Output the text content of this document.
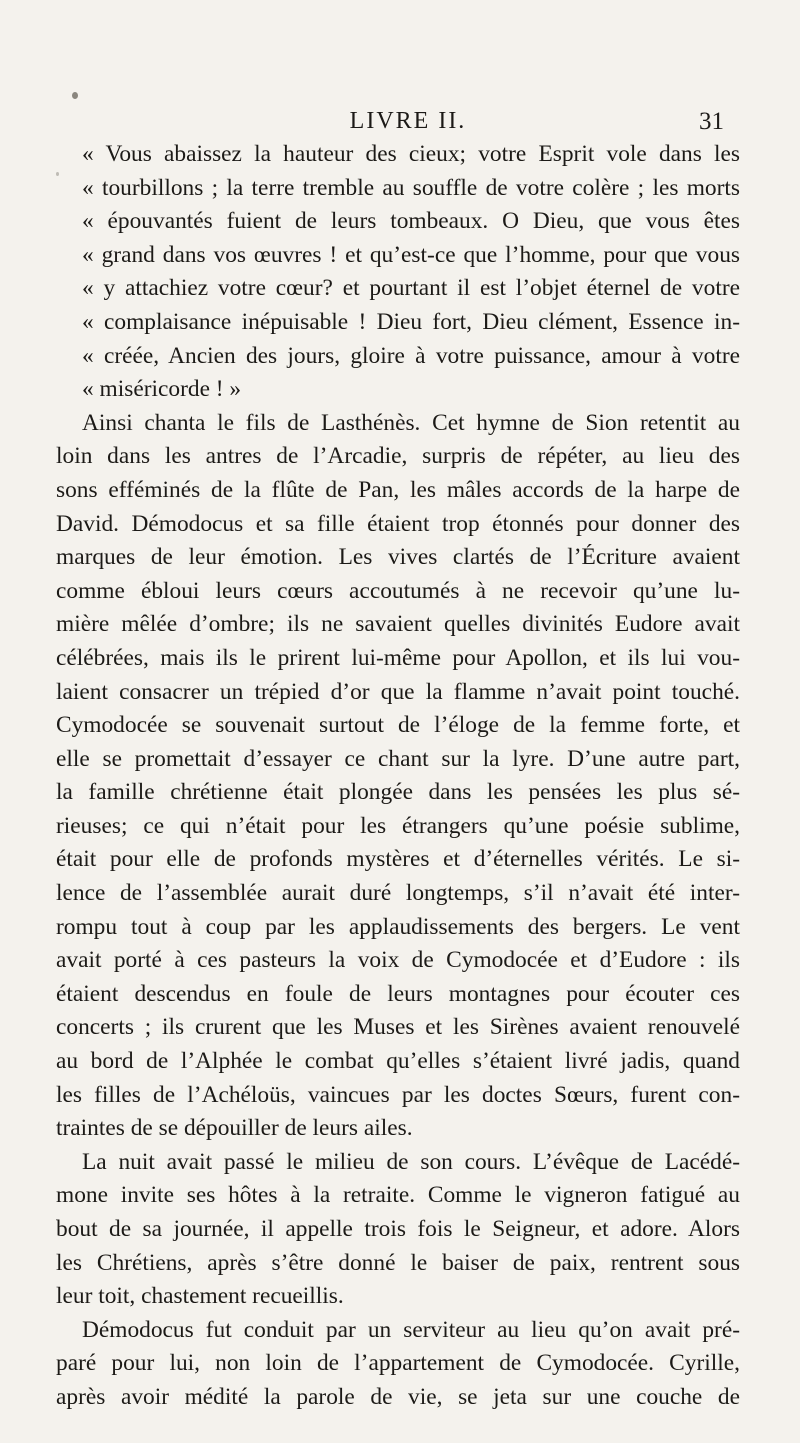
LIVRE II.	31
« Vous abaissez la hauteur des cieux; votre Esprit vole dans les
« tourbillons ; la terre tremble au souffle de votre colère ; les morts
« épouvantés fuient de leurs tombeaux. O Dieu, que vous êtes
« grand dans vos œuvres ! et qu’est-ce que l’homme, pour que vous
« y attachiez votre cœur? et pourtant il est l’objet éternel de votre
« complaisance inépuisable ! Dieu fort, Dieu clément, Essence in-
« créée, Ancien des jours, gloire à votre puissance, amour à votre
« miséricorde ! »
Ainsi chanta le fils de Lasthénès. Cet hymne de Sion retentit au
loin dans les antres de l’Arcadie, surpris de répéter, au lieu des
sons efféminés de la flûte de Pan, les mâles accords de la harpe de
David. Démodocus et sa fille étaient trop étonnés pour donner des
marques de leur émotion. Les vives clartés de l’Écriture avaient
comme ébloui leurs cœurs accoutumés à ne recevoir qu’une lu-
mière mêlée d’ombre; ils ne savaient quelles divinités Eudore avait
célébrées, mais ils le prirent lui-même pour Apollon, et ils lui vou-
laient consacrer un trépied d’or que la flamme n’avait point touché.
Cymodocée se souvenait surtout de l’éloge de la femme forte, et
elle se promettait d’essayer ce chant sur la lyre. D’une autre part,
la famille chrétienne était plongée dans les pensées les plus sé-
rieuses; ce qui n’était pour les étrangers qu’une poésie sublime,
était pour elle de profonds mystères et d’éternelles vérités. Le si-
lence de l’assemblée aurait duré longtemps, s’il n’avait été inter-
rompu tout à coup par les applaudissements des bergers. Le vent
avait porté à ces pasteurs la voix de Cymodocée et d’Eudore : ils
étaient descendus en foule de leurs montagnes pour écouter ces
concerts ; ils crurent que les Muses et les Sirènes avaient renouvelé
au bord de l’Alphée le combat qu’elles s’étaient livré jadis, quand
les filles de l’Achéloüs, vaincues par les doctes Sœurs, furent con-
traintes de se dépouiller de leurs ailes.
La nuit avait passé le milieu de son cours. L’évêque de Lacédé-
mone invite ses hôtes à la retraite. Comme le vigneron fatigué au
bout de sa journée, il appelle trois fois le Seigneur, et adore. Alors
les Chrétiens, après s’être donné le baiser de paix, rentrent sous
leur toit, chastement recueillis.
Démodocus fut conduit par un serviteur au lieu qu’on avait pré-
paré pour lui, non loin de l’appartement de Cymodocée. Cyrille,
après avoir médité la parole de vie, se jeta sur une couche de
